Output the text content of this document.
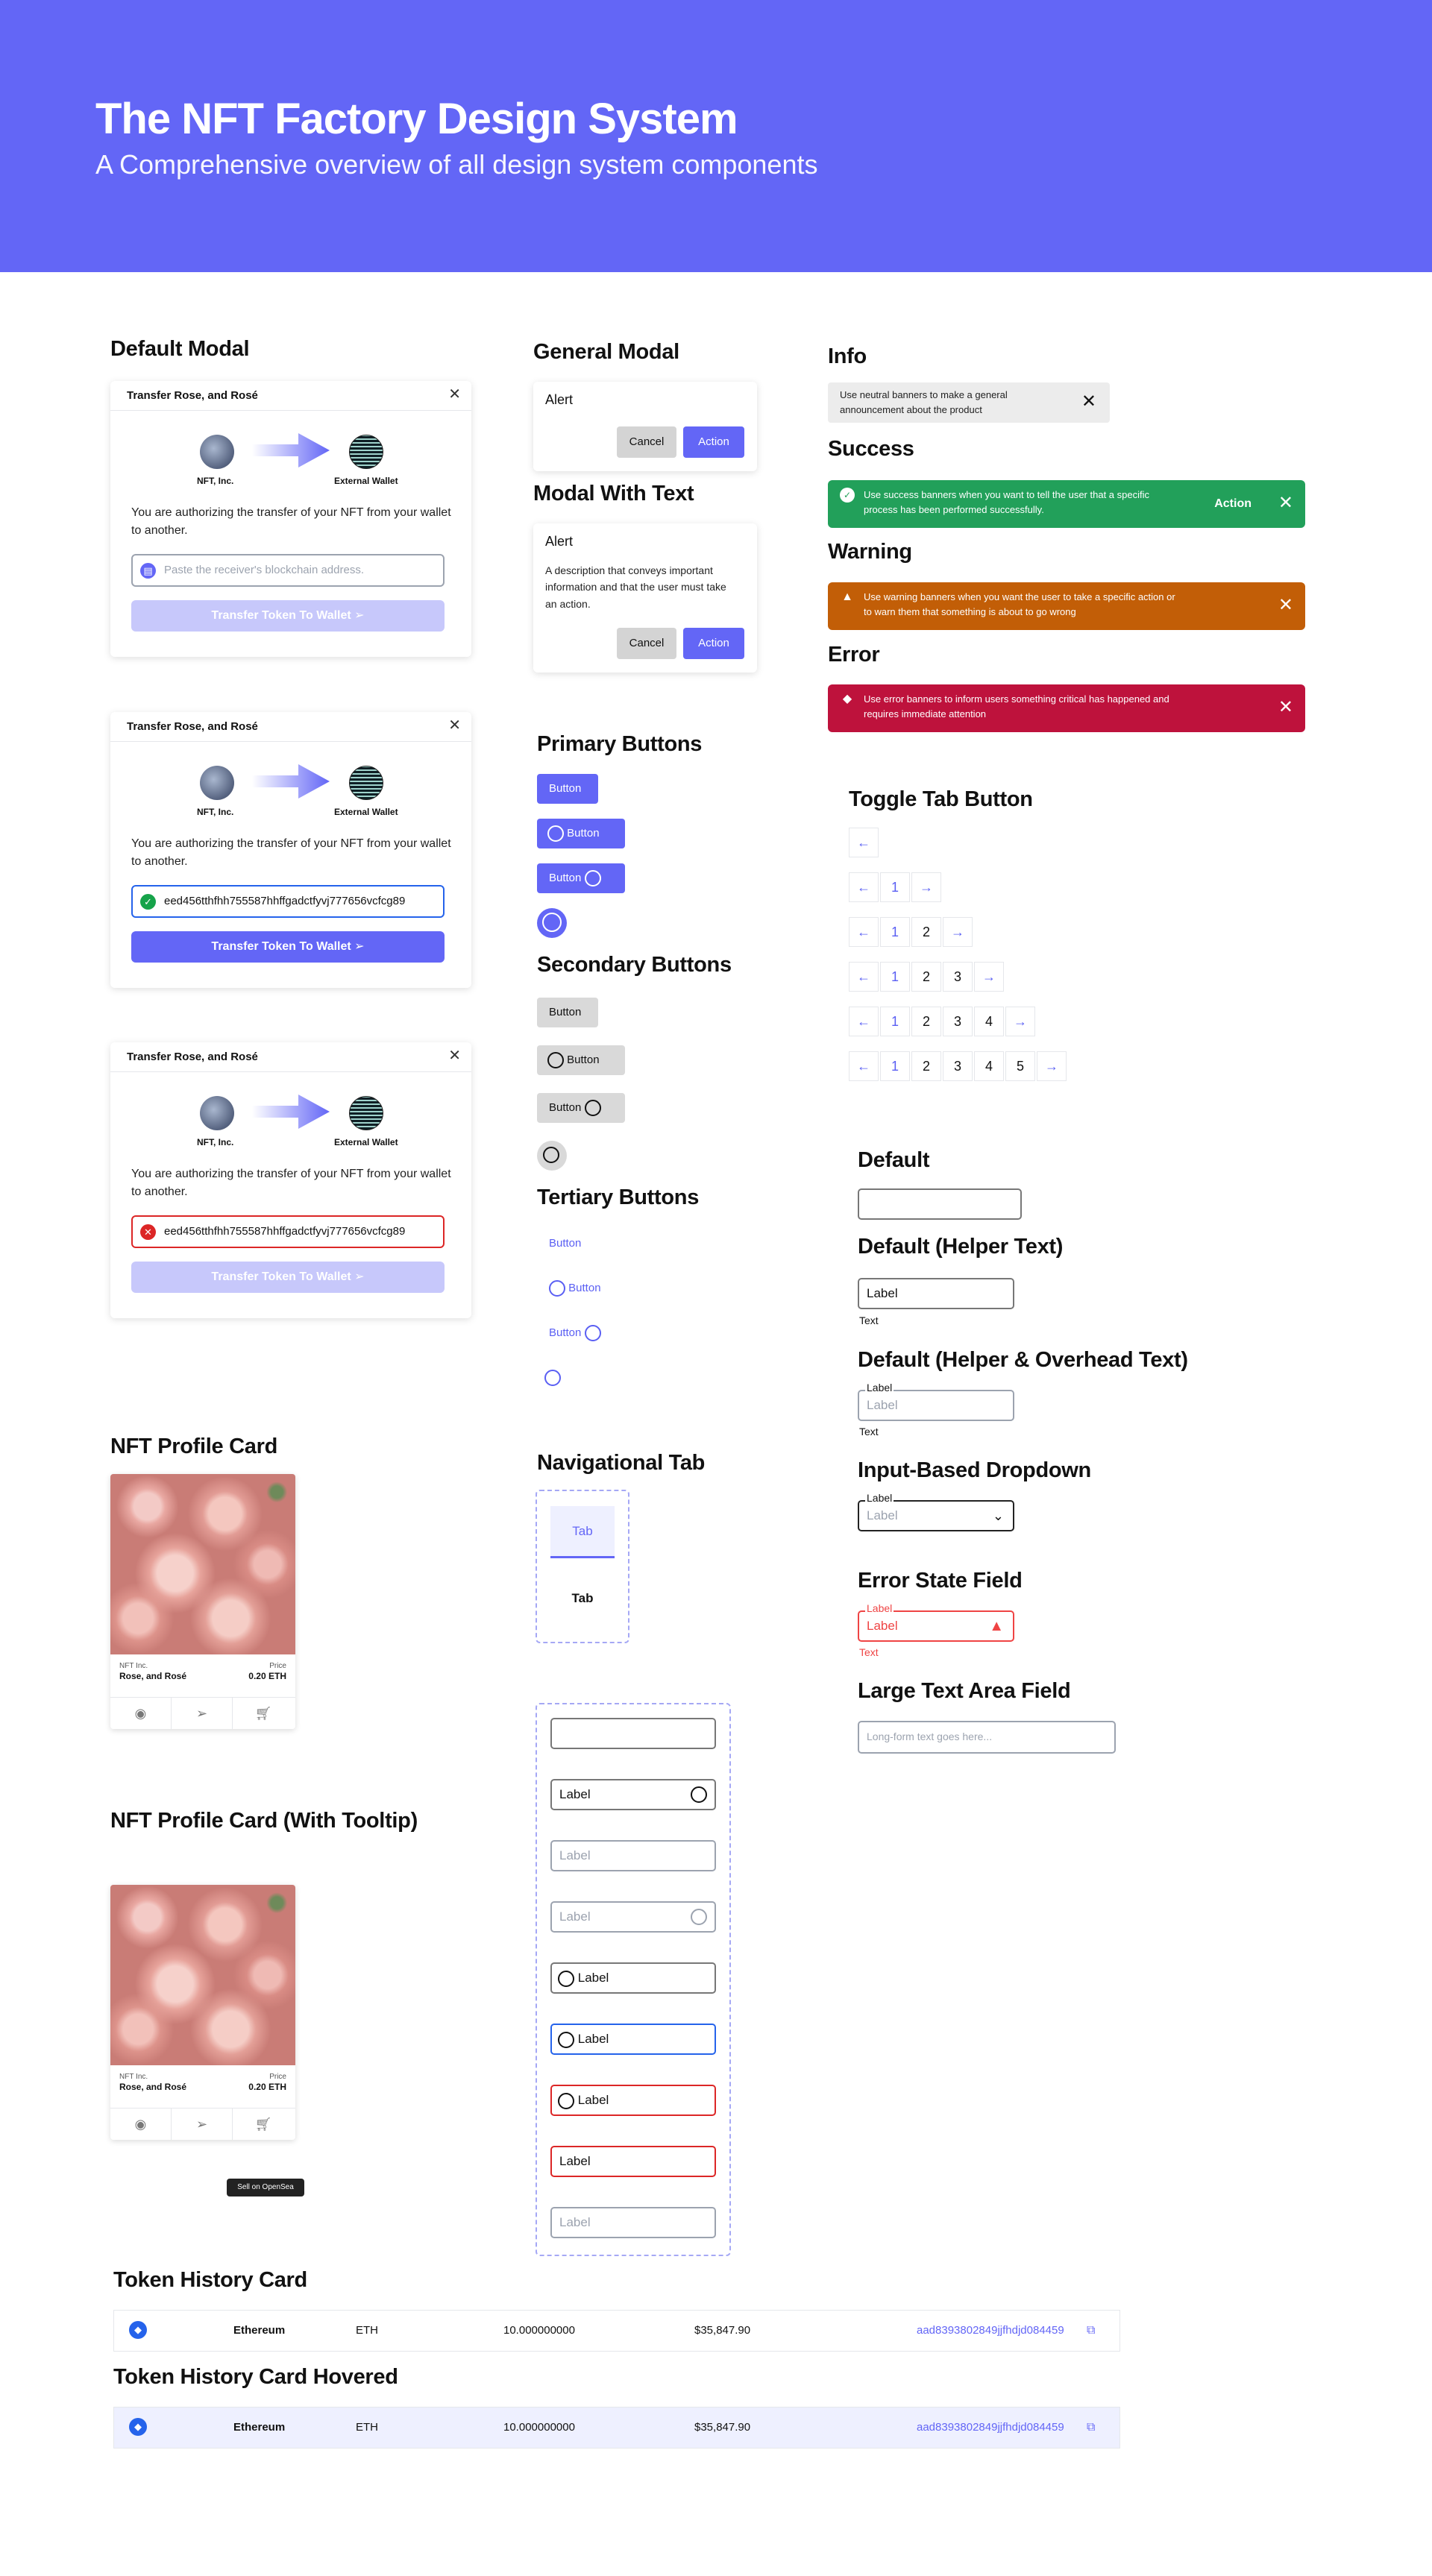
The NFT Factory Design System

A Comprehensive overview of all design system components

Default Modal
Transfer Rose, and Rosé	✕
NFT, Inc.	External Wallet
You are authorizing the transfer of your NFT from your wallet to another.
▤ Paste the receiver's blockchain address.
Transfer Token To Wallet ➢
Transfer Rose, and Rosé	✕
NFT, Inc.	External Wallet
You are authorizing the transfer of your NFT from your wallet to another.
✓	eed456tthfhh755587hhffgadctfyvj777656vcfcg89
Transfer Token To Wallet ➢
Transfer Rose, and Rosé	✕
NFT, Inc.	External Wallet
You are authorizing the transfer of your NFT from your wallet to another.
✕	eed456tthfhh755587hhffgadctfyvj777656vcfcg89
Transfer Token To Wallet ➢
General Modal
Alert
Cancel	Action
Modal With Text
Alert
A description that conveys important information and that the user must take an action.
Cancel	Action
Primary Buttons
Button
Button
Button
Secondary Buttons
Button
Button
Button
Tertiary Buttons
Button
Button
Button
Navigational Tab
Tab
Tab
Label
Label
Label
Label
Label
Label
Label
Label
Info
Use neutral banners to make a general announcement about the product	✕
Success
✓	Use success banners when you want to tell the user that a specific process has been performed successfully.	Action ✕
Warning
▲ Use warning banners when you want the user to take a specific action or to warn them that something is about to go wrong	✕
Error
◆ Use error banners to inform users something critical has happened and requires immediate attention	✕
Toggle Tab Button
←
←	1	→
←	1	2	→
←	1	2	3	→
←	1	2	3	4	→
←	1	2	3	4	5	→
Default
Default (Helper Text)
Label
Text
Default (Helper & Overhead Text)
Label
Label
Text
Input-Based Dropdown
Label	⌄
Label
Error State Field
Label	▲
Label
Text
Large Text Area Field
Long-form text goes here...
NFT Profile Card
NFT Inc.
Rose, and Rosé
Price
0.20 ETH
◉	➢	🛒︎
NFT Profile Card (With Tooltip)
NFT Inc.
Rose, and Rosé
Price
0.20 ETH
◉	➢	🛒︎
Sell on OpenSea
Token History Card
◆	Ethereum	ETH	10.000000000	$35,847.90	aad8393802849jjfhdjd084459 ⧉
Token History Card Hovered
◆	Ethereum	ETH	10.000000000	$35,847.90	aad8393802849jjfhdjd084459 ⧉
